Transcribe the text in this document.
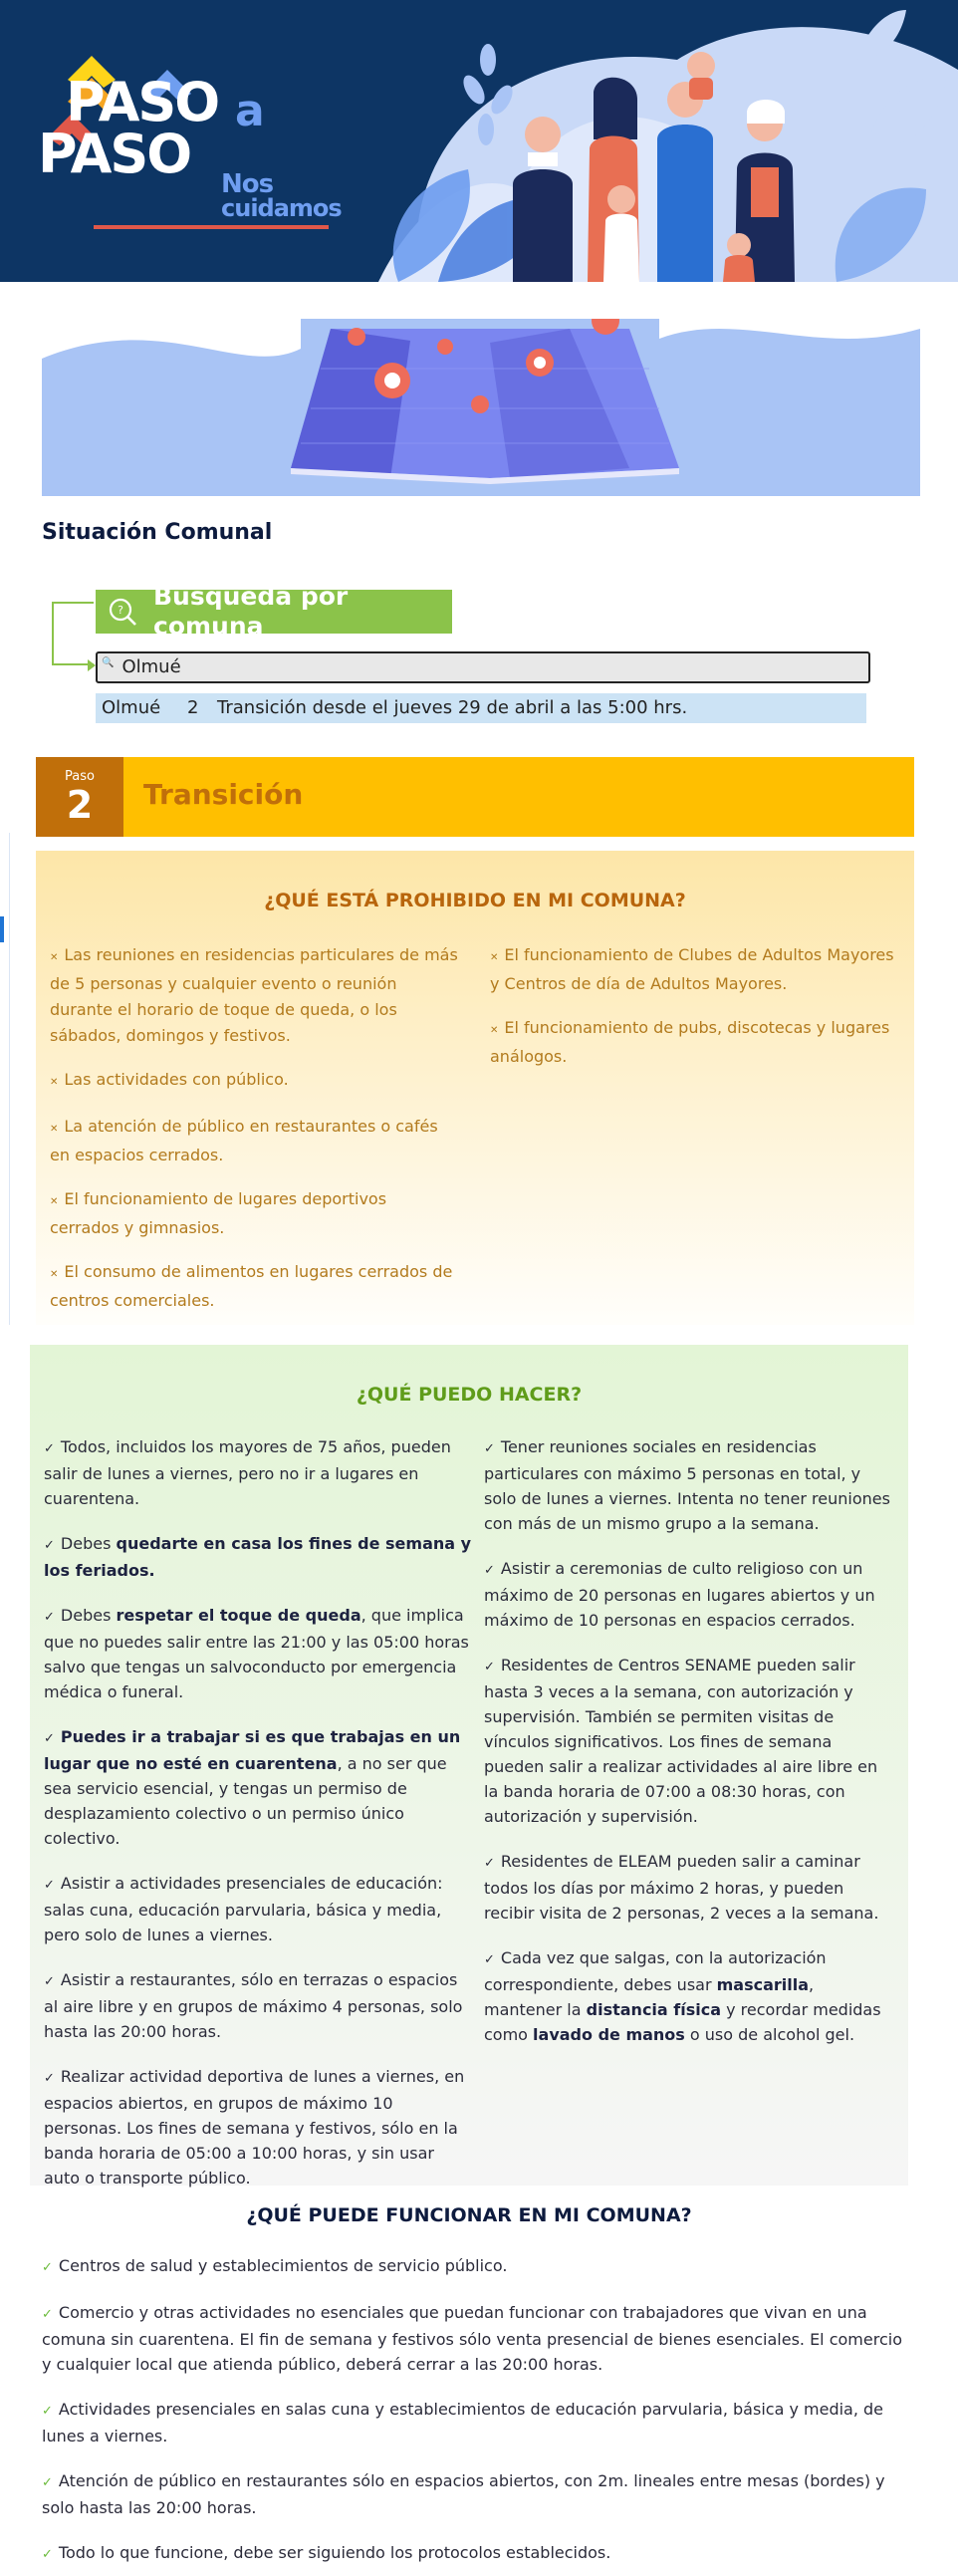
PASO a
PASO Nos
cuidamos
Situación Comunal
? Búsqueda por comuna
🔍
Olmué
Olmué	2	Transición desde el jueves 29 de abril a las 5:00 hrs.
Paso
2	Transición
¿QUÉ ESTÁ PROHIBIDO EN MI COMUNA?
✕ Las reuniones en residencias particulares de más de 5 personas y cualquier evento o reunión durante el horario de toque de queda, o los sábados, domingos y festivos.
✕ Las actividades con público.
✕ La atención de público en restaurantes o cafés en espacios cerrados.
✕ El funcionamiento de lugares deportivos cerrados y gimnasios.
✕ El consumo de alimentos en lugares cerrados de centros comerciales.
✕ El funcionamiento de Clubes de Adultos Mayores y Centros de día de Adultos Mayores.
✕ El funcionamiento de pubs, discotecas y lugares análogos.
¿QUÉ PUEDO HACER?
✓ Todos, incluidos los mayores de 75 años, pueden salir de lunes a viernes, pero no ir a lugares en cuarentena.
✓ Debes quedarte en casa los fines de semana y los feriados.
✓ Debes respetar el toque de queda, que implica que no puedes salir entre las 21:00 y las 05:00 horas salvo que tengas un salvoconducto por emergencia médica o funeral.
✓ Puedes ir a trabajar si es que trabajas en un lugar que no esté en cuarentena, a no ser que sea servicio esencial, y tengas un permiso de desplazamiento colectivo o un permiso único colectivo.
✓ Asistir a actividades presenciales de educación: salas cuna, educación parvularia, básica y media, pero solo de lunes a viernes.
✓ Asistir a restaurantes, sólo en terrazas o espacios al aire libre y en grupos de máximo 4 personas, solo hasta las 20:00 horas.
✓ Realizar actividad deportiva de lunes a viernes, en espacios abiertos, en grupos de máximo 10 personas. Los fines de semana y festivos, sólo en la banda horaria de 05:00 a 10:00 horas, y sin usar auto o transporte público.
✓ Tener reuniones sociales en residencias particulares con máximo 5 personas en total, y solo de lunes a viernes. Intenta no tener reuniones con más de un mismo grupo a la semana.
✓ Asistir a ceremonias de culto religioso con un máximo de 20 personas en lugares abiertos y un máximo de 10 personas en espacios cerrados.
✓ Residentes de Centros SENAME pueden salir hasta 3 veces a la semana, con autorización y supervisión. También se permiten visitas de vínculos significativos. Los fines de semana pueden salir a realizar actividades al aire libre en la banda horaria de 07:00 a 08:30 horas, con autorización y supervisión.
✓ Residentes de ELEAM pueden salir a caminar todos los días por máximo 2 horas, y pueden recibir visita de 2 personas, 2 veces a la semana.
✓ Cada vez que salgas, con la autorización correspondiente, debes usar mascarilla, mantener la distancia física y recordar medidas como lavado de manos o uso de alcohol gel.
¿QUÉ PUEDE FUNCIONAR EN MI COMUNA?
✓ Centros de salud y establecimientos de servicio público.
✓ Comercio y otras actividades no esenciales que puedan funcionar con trabajadores que vivan en una comuna sin cuarentena. El fin de semana y festivos sólo venta presencial de bienes esenciales. El comercio y cualquier local que atienda público, deberá cerrar a las 20:00 horas.
✓ Actividades presenciales en salas cuna y establecimientos de educación parvularia, básica y media, de lunes a viernes.
✓ Atención de público en restaurantes sólo en espacios abiertos, con 2m. lineales entre mesas (bordes) y solo hasta las 20:00 horas.
✓ Todo lo que funcione, debe ser siguiendo los protocolos establecidos.
